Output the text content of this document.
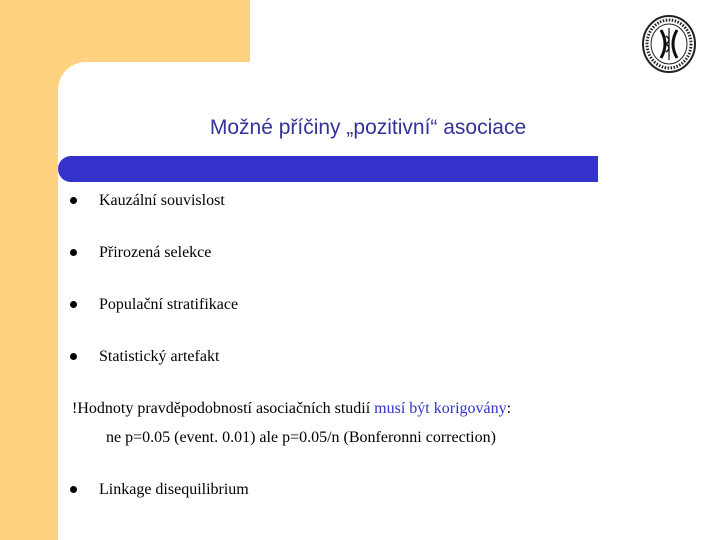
Možné příčiny „pozitivní“ asociace
Kauzální souvislost
Přirozená selekce
Populační stratifikace
Statistický artefakt
Linkage disequilibrium
!Hodnoty pravděpodobností asociačních studií musí být korigovány:
ne p=0.05 (event. 0.01) ale p=0.05/n (Bonferonni correction)
